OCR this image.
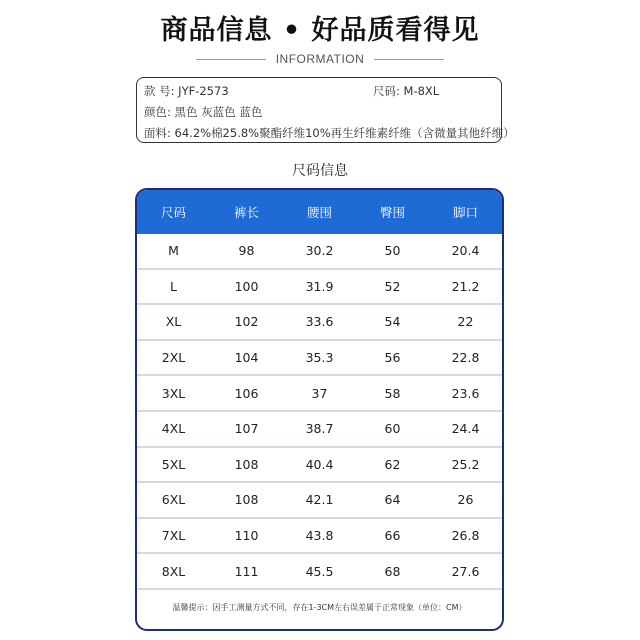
商品信息 • 好品质看得见
INFORMATION
款 号: JYF-2573	尺码: M-8XL
颜色: 黑色 灰蓝色 蓝色
面料: 64.2%棉25.8%聚酯纤维10%再生纤维素纤维（含微量其他纤维）
尺码信息
尺码	裤长	腰围	臀围	脚口
M	98	30.2	50	20.4
L	100	31.9	52	21.2
XL	102	33.6	54	22
2XL	104	35.3	56	22.8
3XL	106	37	58	23.6
4XL	107	38.7	60	24.4
5XL	108	40.4	62	25.2
6XL	108	42.1	64	26
7XL	110	43.8	66	26.8
8XL	111	45.5	68	27.6
温馨提示：因手工测量方式不同，存在1-3CM左右误差属于正常现象（单位：CM）
